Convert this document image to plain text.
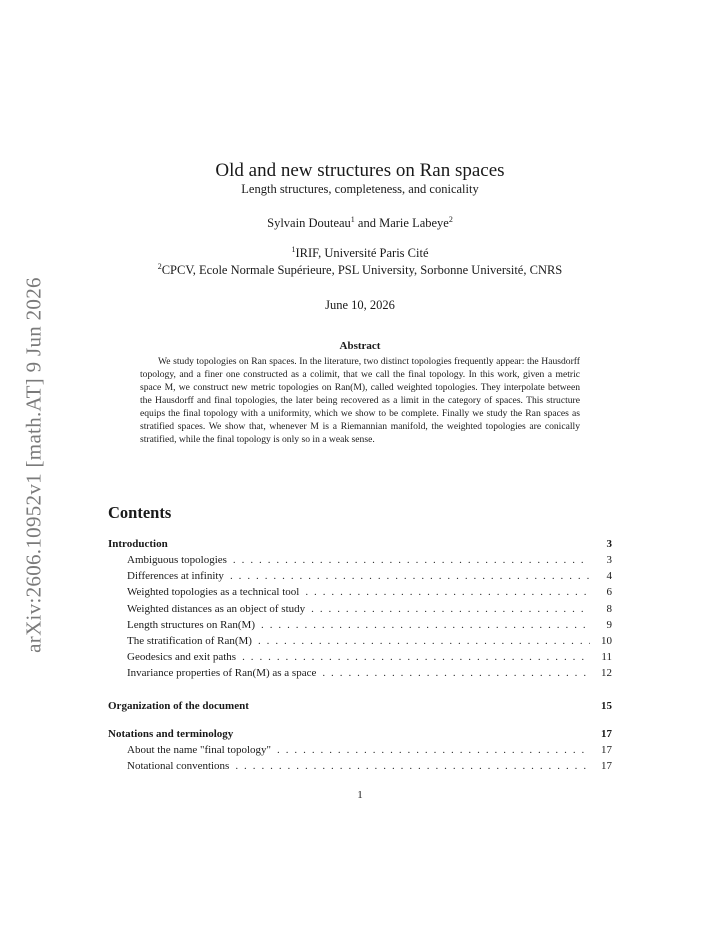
arXiv:2606.10952v1 [math.AT] 9 Jun 2026
Old and new structures on Ran spaces
Length structures, completeness, and conicality
Sylvain Douteau$^1$ and Marie Labeye$^2$
$^1$IRIF, Université Paris Cité
$^2$CPCV, Ecole Normale Supérieure, PSL University, Sorbonne Université, CNRS
June 10, 2026
Abstract
We study topologies on Ran spaces. In the literature, two distinct topologies frequently appear: the Hausdorff topology, and a finer one constructed as a colimit, that we call the final topology. In this work, given a metric space M, we construct new metric topologies on Ran(M), called weighted topologies. They interpolate between the Hausdorff and final topologies, the later being recovered as a limit in the category of spaces. This structure equips the final topology with a uniformity, which we show to be complete. Finally we study the Ran spaces as stratified spaces. We show that, whenever M is a Riemannian manifold, the weighted topologies are conically stratified, while the final topology is only so in a weak sense.
Contents
Introduction	3
Ambiguous topologies . . .	3
Differences at infinity . . .	4
Weighted topologies as a technical tool . . .	6
Weighted distances as an object of study . . .	8
Length structures on Ran(M) . . .	9
The stratification of Ran(M) . . .	10
Geodesics and exit paths . . .	11
Invariance properties of Ran(M) as a space . . .	12
Organization of the document	15
Notations and terminology	17
About the name "final topology" . . .	17
Notational conventions . . .	17
1
